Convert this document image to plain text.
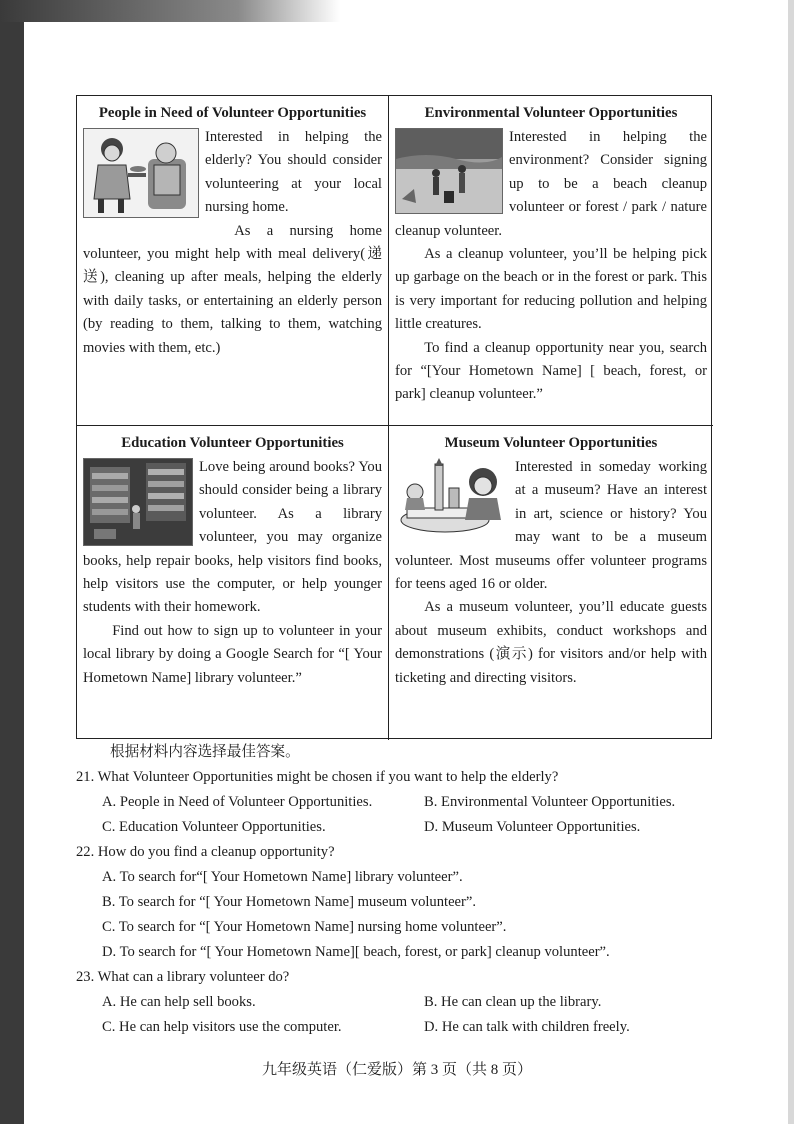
People in Need of Volunteer Opportunities

Interested in helping the elderly? You should consider volunteering at your local nursing home.

As a nursing home volunteer, you might help with meal delivery(递送), cleaning up after meals, helping the elderly with daily tasks, or entertaining an elderly person (by reading to them, talking to them, watching movies with them, etc.)

Environmental Volunteer Opportunities

Interested in helping the environment? Consider signing up to be a beach cleanup volunteer or forest / park / nature cleanup volunteer.

As a cleanup volunteer, you’ll be helping pick up garbage on the beach or in the forest or park. This is very important for reducing pollution and helping little creatures.

To find a cleanup opportunity near you, search for “[Your Hometown Name] [ beach, forest, or park] cleanup volunteer.”

Education Volunteer Opportunities

Love being around books? You should consider being a library volunteer. As a library volunteer, you may organize books, help repair books, help visitors find books, help visitors use the computer, or help younger students with their homework.

Find out how to sign up to volunteer in your local library by doing a Google Search for “[ Your Hometown Name] library volunteer.”

Museum Volunteer Opportunities

Interested in someday working at a museum? Have an interest in art, science or history? You may want to be a museum volunteer. Most museums offer volunteer programs for teens aged 16 or older.

As a museum volunteer, you’ll educate guests about museum exhibits, conduct workshops and demonstrations (演示) for visitors and/or help with ticketing and directing visitors.

根据材料内容选择最佳答案。
21. What Volunteer Opportunities might be chosen if you want to help the elderly?
A. People in Need of Volunteer Opportunities.	B. Environmental Volunteer Opportunities.
C. Education Volunteer Opportunities.	D. Museum Volunteer Opportunities.
22. How do you find a cleanup opportunity?
A. To search for“[ Your Hometown Name] library volunteer”.
B. To search for “[ Your Hometown Name] museum volunteer”.
C. To search for “[ Your Hometown Name] nursing home volunteer”.
D. To search for “[ Your Hometown Name][ beach, forest, or park] cleanup volunteer”.
23. What can a library volunteer do?
A. He can help sell books.	B. He can clean up the library.
C. He can help visitors use the computer.	D. He can talk with children freely.
九年级英语（仁爱版）第 3 页（共 8 页）
